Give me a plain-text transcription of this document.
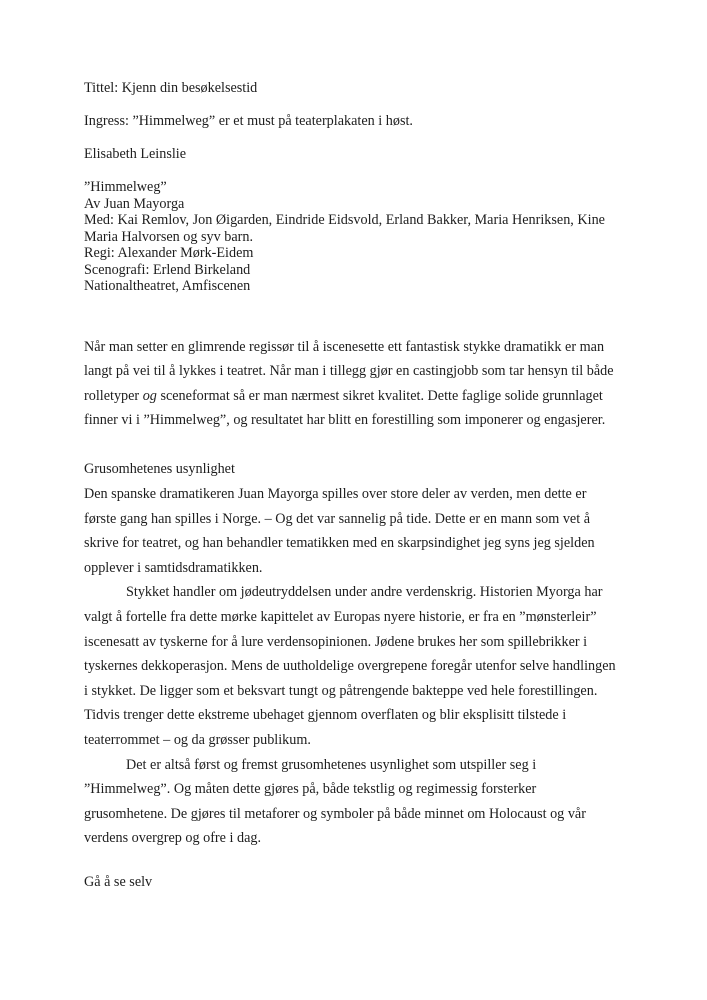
Tittel: Kjenn din besøkelsestid

Ingress: ”Himmelweg” er et must på teaterplakaten i høst.

Elisabeth Leinslie

”Himmelweg”
Av Juan Mayorga
Med: Kai Remlov, Jon Øigarden, Eindride Eidsvold, Erland Bakker, Maria Henriksen, Kine
Maria Halvorsen og syv barn.
Regi: Alexander Mørk-Eidem
Scenografi: Erlend Birkeland
Nationaltheatret, Amfiscenen
Når man setter en glimrende regissør til å iscenesette ett fantastisk stykke dramatikk er man
langt på vei til å lykkes i teatret. Når man i tillegg gjør en castingjobb som tar hensyn til både
rolletyper og sceneformat så er man nærmest sikret kvalitet. Dette faglige solide grunnlaget
finner vi i ”Himmelweg”, og resultatet har blitt en forestilling som imponerer og engasjerer.
Grusomhetenes usynlighet
Den spanske dramatikeren Juan Mayorga spilles over store deler av verden, men dette er
første gang han spilles i Norge. – Og det var sannelig på tide. Dette er en mann som vet å
skrive for teatret, og han behandler tematikken med en skarpsindighet jeg syns jeg sjelden
opplever i samtidsdramatikken.
Stykket handler om jødeutryddelsen under andre verdenskrig. Historien Myorga har
valgt å fortelle fra dette mørke kapittelet av Europas nyere historie, er fra en ”mønsterleir”
iscenesatt av tyskerne for å lure verdensopinionen. Jødene brukes her som spillebrikker i
tyskernes dekkoperasjon. Mens de uutholdelige overgrepene foregår utenfor selve handlingen
i stykket. De ligger som et beksvart tungt og påtrengende bakteppe ved hele forestillingen.
Tidvis trenger dette ekstreme ubehaget gjennom overflaten og blir eksplisitt tilstede i
teaterrommet – og da grøsser publikum.
Det er altså først og fremst grusomhetenes usynlighet som utspiller seg i
”Himmelweg”. Og måten dette gjøres på, både tekstlig og regimessig forsterker
grusomhetene. De gjøres til metaforer og symboler på både minnet om Holocaust og vår
verdens overgrep og ofre i dag.
Gå å se selv
